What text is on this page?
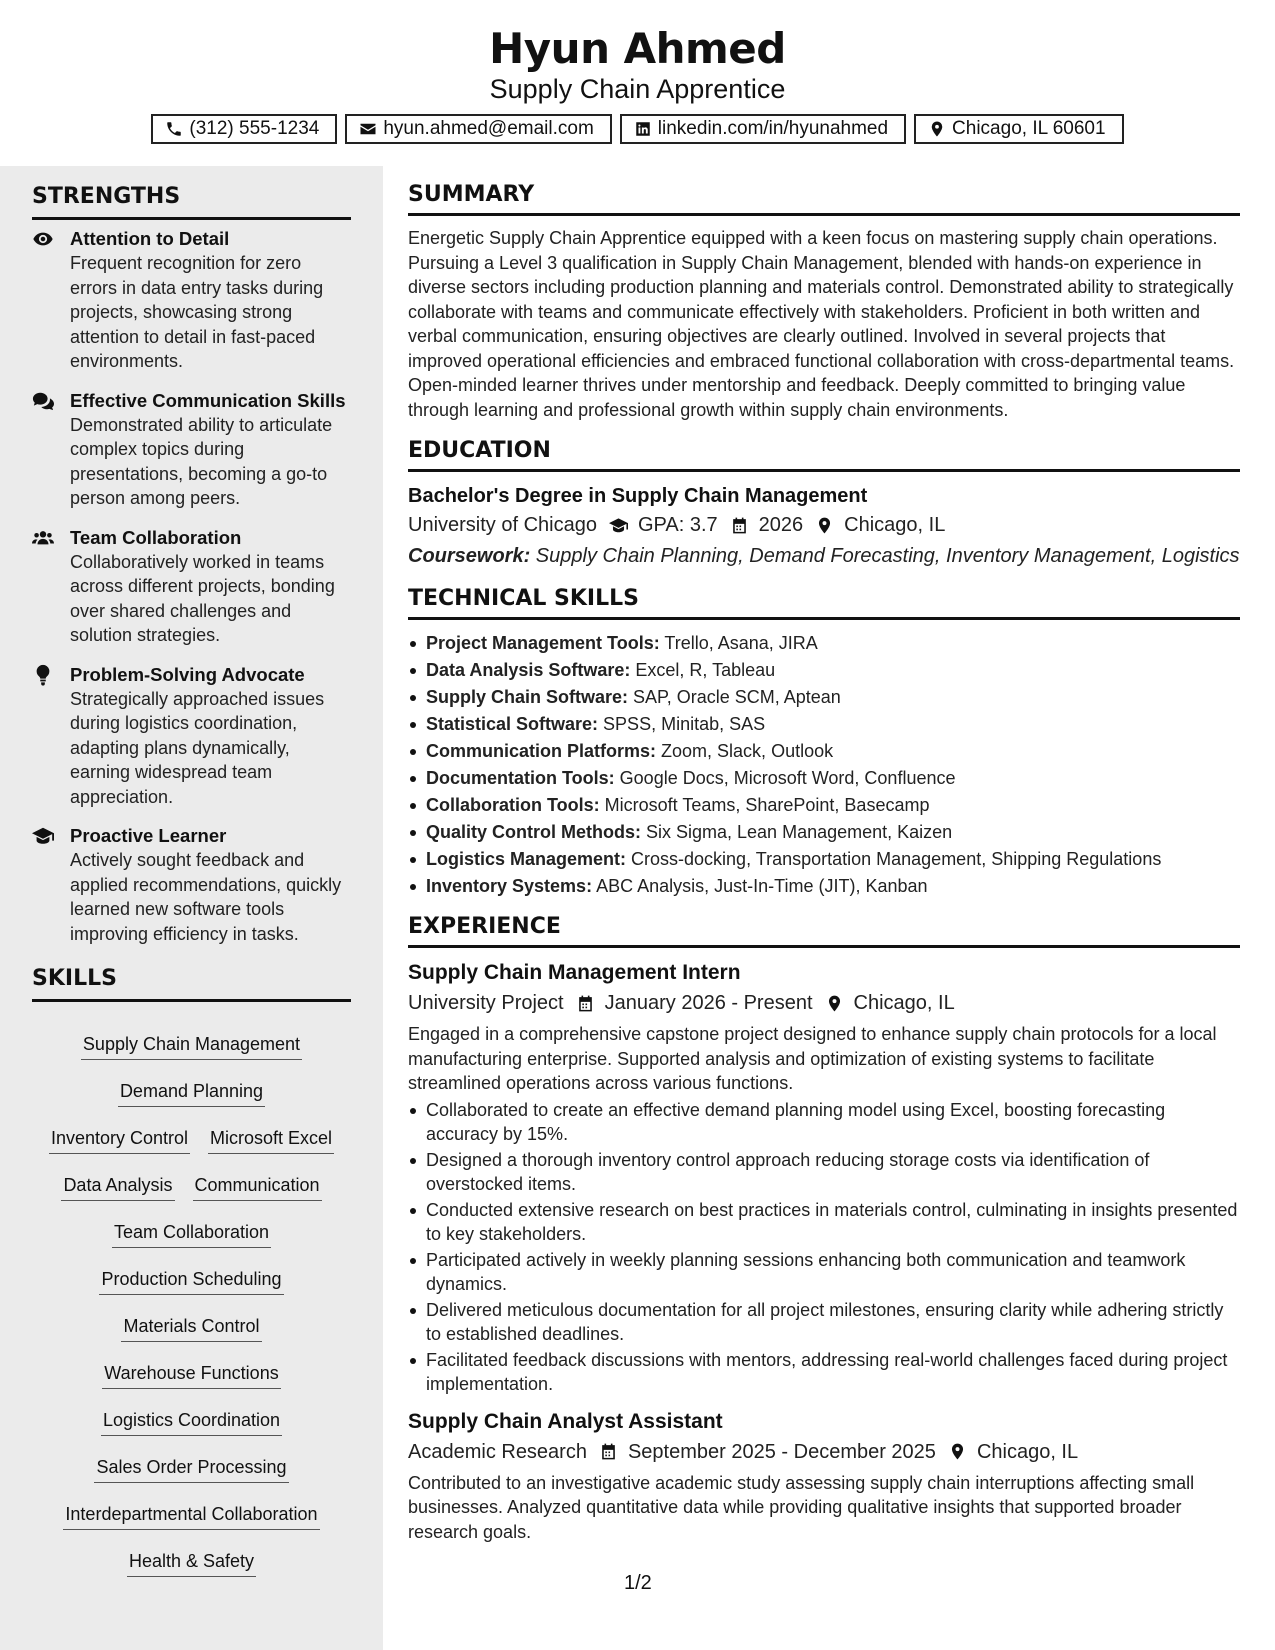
Hyun Ahmed
Supply Chain Apprentice
(312) 555-1234	hyun.ahmed@email.com	linkedin.com/in/hyunahmed	Chicago, IL 60601
STRENGTHS
Attention to Detail
Frequent recognition for zero errors in data entry tasks during projects, showcasing strong attention to detail in fast-paced environments.
Effective Communication Skills
Demonstrated ability to articulate complex topics during presentations, becoming a go-to person among peers.
Team Collaboration
Collaboratively worked in teams across different projects, bonding over shared challenges and solution strategies.
Problem-Solving Advocate
Strategically approached issues during logistics coordination, adapting plans dynamically, earning widespread team appreciation.
Proactive Learner
Actively sought feedback and applied recommendations, quickly learned new software tools improving efficiency in tasks.
SKILLS
Supply Chain Management
Demand Planning
Inventory Control Microsoft Excel
Data Analysis Communication
Team Collaboration
Production Scheduling
Materials Control
Warehouse Functions
Logistics Coordination
Sales Order Processing
Interdepartmental Collaboration
Health & Safety
SUMMARY
Energetic Supply Chain Apprentice equipped with a keen focus on mastering supply chain operations. Pursuing a Level 3 qualification in Supply Chain Management, blended with hands-on experience in diverse sectors including production planning and materials control. Demonstrated ability to strategically collaborate with teams and communicate effectively with stakeholders. Proficient in both written and verbal communication, ensuring objectives are clearly outlined. Involved in several projects that improved operational efficiencies and embraced functional collaboration with cross-departmental teams. Open-minded learner thrives under mentorship and feedback. Deeply committed to bringing value through learning and professional growth within supply chain environments.
EDUCATION
Bachelor's Degree in Supply Chain Management
University of Chicago GPA: 3.7 2026 Chicago, IL
Coursework: Supply Chain Planning, Demand Forecasting, Inventory Management, Logistics
TECHNICAL SKILLS
Project Management Tools: Trello, Asana, JIRA
Data Analysis Software: Excel, R, Tableau
Supply Chain Software: SAP, Oracle SCM, Aptean
Statistical Software: SPSS, Minitab, SAS
Communication Platforms: Zoom, Slack, Outlook
Documentation Tools: Google Docs, Microsoft Word, Confluence
Collaboration Tools: Microsoft Teams, SharePoint, Basecamp
Quality Control Methods: Six Sigma, Lean Management, Kaizen
Logistics Management: Cross-docking, Transportation Management, Shipping Regulations
Inventory Systems: ABC Analysis, Just-In-Time (JIT), Kanban
EXPERIENCE
Supply Chain Management Intern
University Project January 2026 - Present Chicago, IL
Engaged in a comprehensive capstone project designed to enhance supply chain protocols for a local manufacturing enterprise. Supported analysis and optimization of existing systems to facilitate streamlined operations across various functions.
Collaborated to create an effective demand planning model using Excel, boosting forecasting accuracy by 15%.
Designed a thorough inventory control approach reducing storage costs via identification of overstocked items.
Conducted extensive research on best practices in materials control, culminating in insights presented to key stakeholders.
Participated actively in weekly planning sessions enhancing both communication and teamwork dynamics.
Delivered meticulous documentation for all project milestones, ensuring clarity while adhering strictly to established deadlines.
Facilitated feedback discussions with mentors, addressing real-world challenges faced during project implementation.
Supply Chain Analyst Assistant
Academic Research September 2025 - December 2025 Chicago, IL
Contributed to an investigative academic study assessing supply chain interruptions affecting small businesses. Analyzed quantitative data while providing qualitative insights that supported broader research goals.
1/2
